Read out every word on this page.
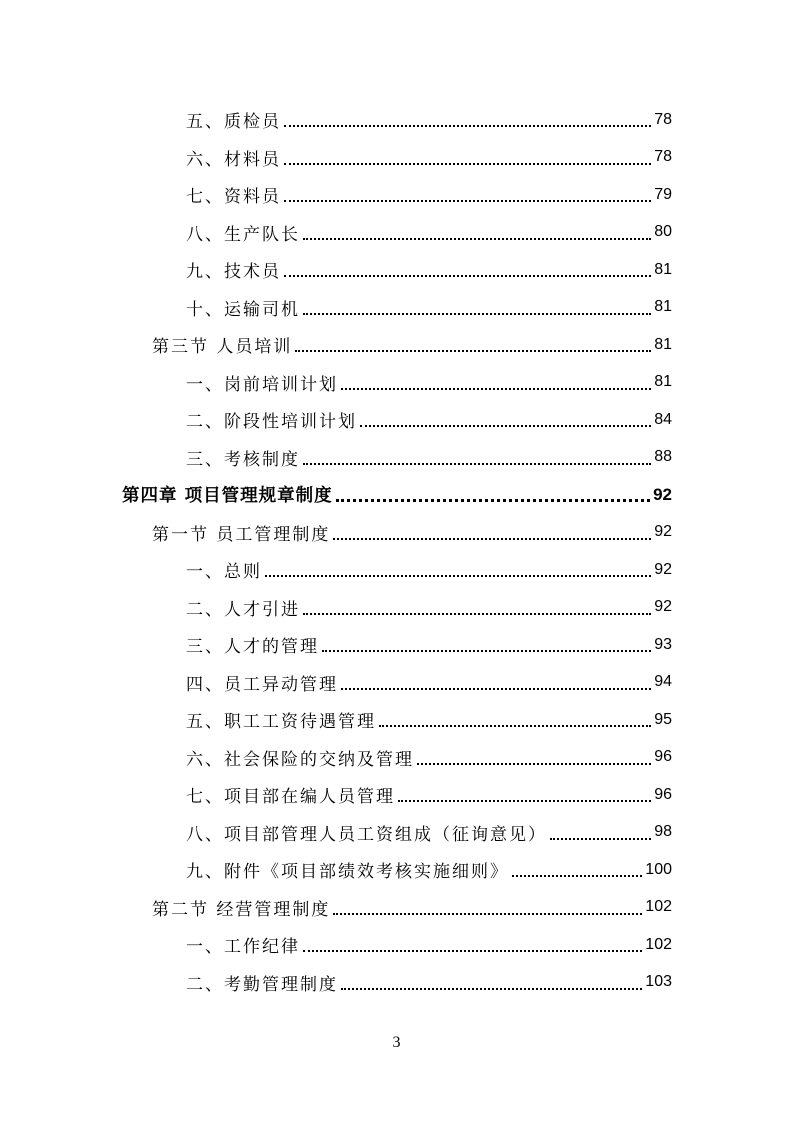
五、质检员	78
六、材料员	78
七、资料员	79
八、生产队长	80
九、技术员	81
十、运输司机	81
第三节 人员培训	81
一、岗前培训计划	81
二、阶段性培训计划	84
三、考核制度	88
第四章 项目管理规章制度	92
第一节 员工管理制度	92
一、总则	92
二、人才引进	92
三、人才的管理	93
四、员工异动管理	94
五、职工工资待遇管理	95
六、社会保险的交纳及管理	96
七、项目部在编人员管理	96
八、项目部管理人员工资组成（征询意见）	98
九、附件《项目部绩效考核实施细则》	100
第二节 经营管理制度	102
一、工作纪律	102
二、考勤管理制度	103
3
